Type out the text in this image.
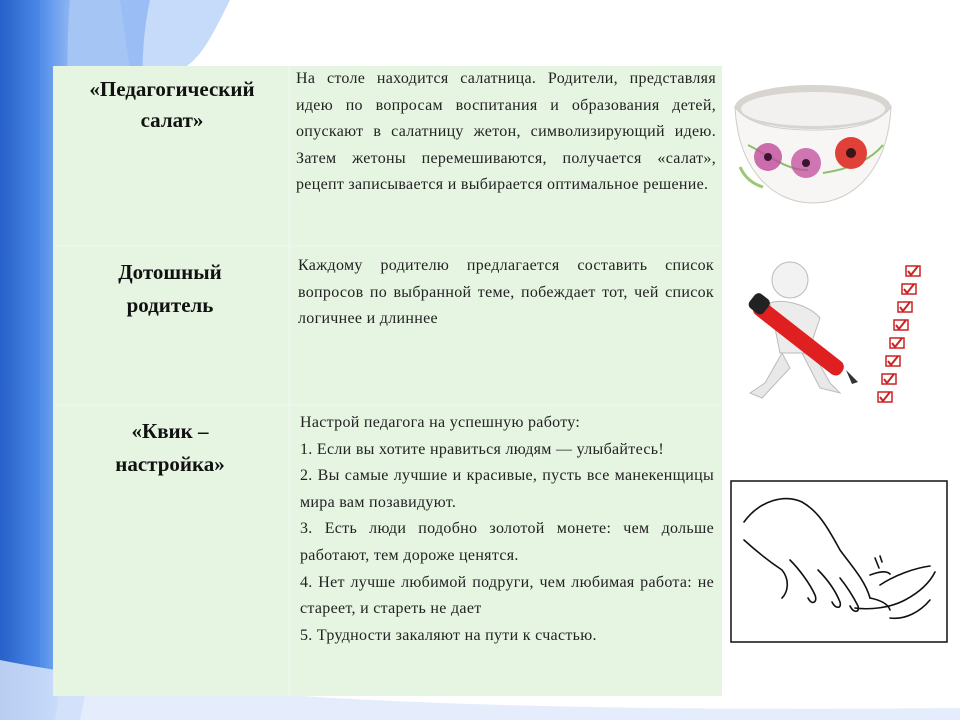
«Педагогический салат»
На столе находится салатница. Родители, представляя идею по вопросам воспитания и образования детей, опускают в салатницу жетон, символизирующий идею. Затем жетоны перемешиваются, получается «салат», рецепт записывается и выбирается оптимальное решение.
Дотошный родитель
Каждому родителю предлагается составить список вопросов по выбранной теме, побеждает тот, чей список логичнее и длиннее
«Квик – настройка»

Настрой педагога на успешную работу:

1. Если вы хотите нравиться людям — улыбайтесь!

2. Вы самые лучшие и красивые, пусть все манекенщицы мира вам позавидуют.

3. Есть люди подобно золотой монете: чем дольше работают, тем дороже ценятся.

4. Нет лучше любимой подруги, чем любимая работа: не стареет, и стареть не дает

5. Трудности закаляют на пути к счастью.
